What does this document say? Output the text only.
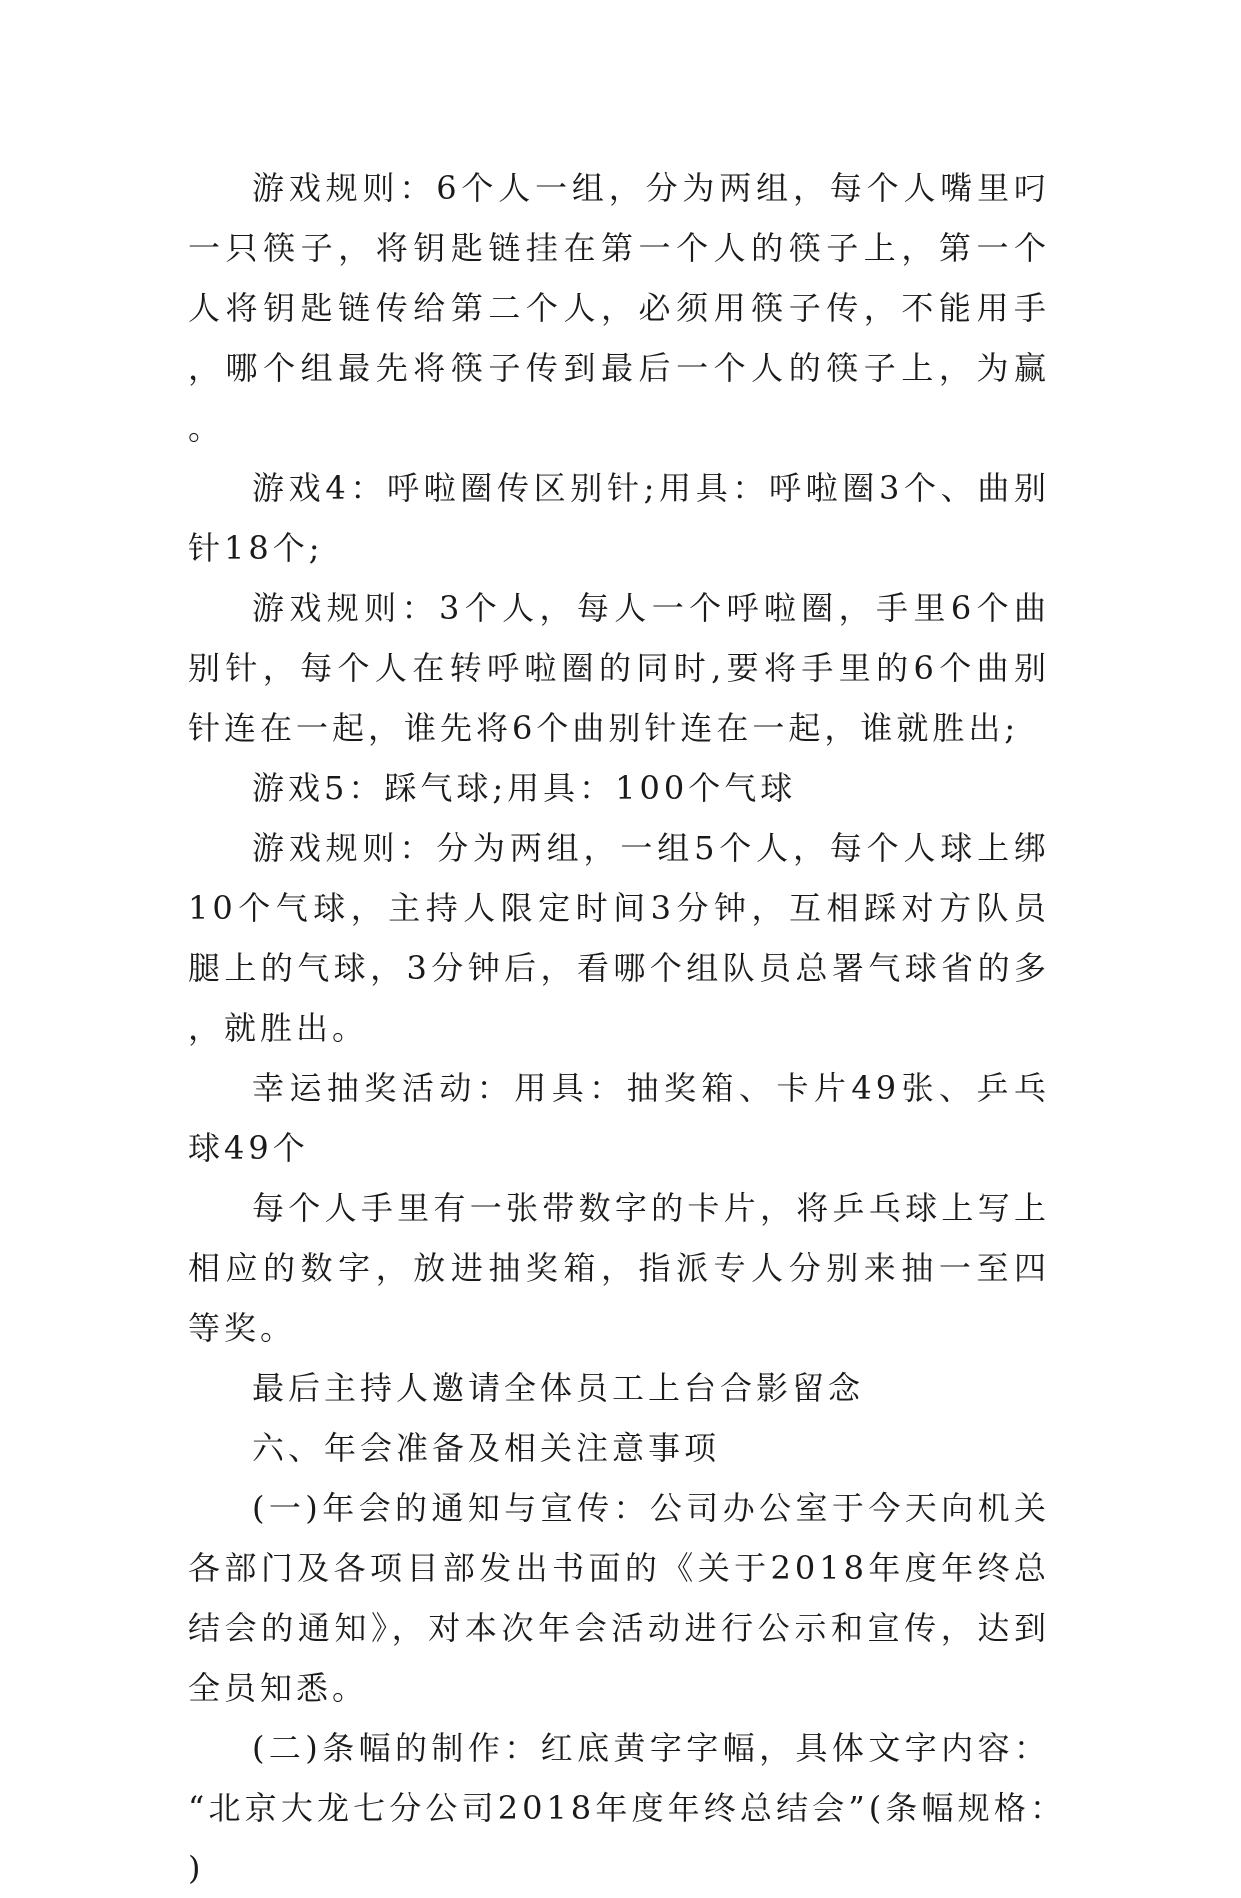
游戏规则：6个人一组，分为两组，每个人嘴里叼一只筷子，将钥匙链挂在第一个人的筷子上，第一个人将钥匙链传给第二个人，必须用筷子传，不能用手，哪个组最先将筷子传到最后一个人的筷子上，为赢。

游戏4：呼啦圈传区别针;用具：呼啦圈3个、曲别针18个;

游戏规则：3个人，每人一个呼啦圈，手里6个曲别针，每个人在转呼啦圈的同时,要将手里的6个曲别针连在一起，谁先将6个曲别针连在一起，谁就胜出;

游戏5：踩气球;用具：100个气球

游戏规则：分为两组，一组5个人，每个人球上绑10个气球，主持人限定时间3分钟，互相踩对方队员腿上的气球，3分钟后，看哪个组队员总署气球省的多，就胜出。

幸运抽奖活动：用具：抽奖箱、卡片49张、乒乓球49个

每个人手里有一张带数字的卡片，将乒乓球上写上相应的数字，放进抽奖箱，指派专人分别来抽一至四等奖。

最后主持人邀请全体员工上台合影留念

六、年会准备及相关注意事项

(一)年会的通知与宣传：公司办公室于今天向机关各部门及各项目部发出书面的《关于2018年度年终总结会的通知》，对本次年会活动进行公示和宣传，达到全员知悉。

(二)条幅的制作：红底黄字字幅，具体文字内容：“北京大龙七分公司2018年度年终总结会”(条幅规格：)
